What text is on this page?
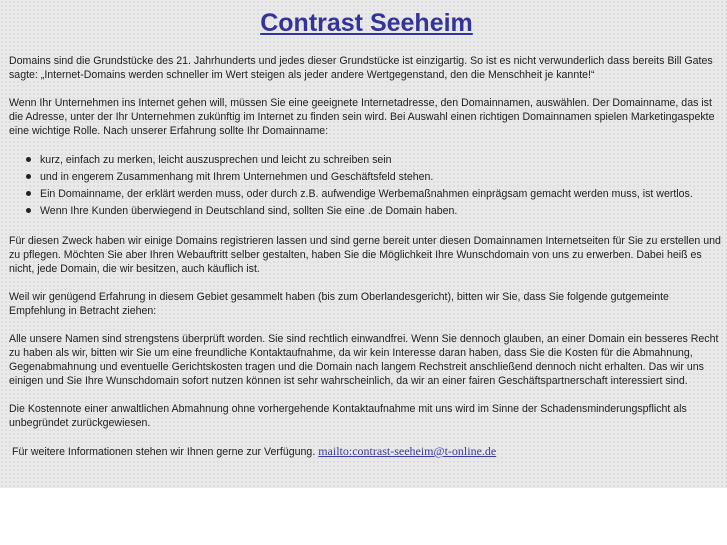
Contrast Seeheim

Domains sind die Grundstücke des 21. Jahrhunderts und jedes dieser Grundstücke ist einzigartig. So ist es nicht verwunderlich dass bereits Bill Gates sagte: „Internet-Domains werden schneller im Wert steigen als jeder andere Wertgegenstand, den die Menschheit je kannte!“

Wenn Ihr Unternehmen ins Internet gehen will, müssen Sie eine geeignete Internetadresse, den Domainnamen, auswählen. Der Domainname, das ist die Adresse, unter der Ihr Unternehmen zukünftig im Internet zu finden sein wird. Bei Auswahl einen richtigen Domainnamen spielen Marketingaspekte eine wichtige Rolle. Nach unserer Erfahrung sollte Ihr Domainname:

kurz, einfach zu merken, leicht auszusprechen und leicht zu schreiben sein
und in engerem Zusammenhang mit Ihrem Unternehmen und Geschäftsfeld stehen.
Ein Domainname, der erklärt werden muss, oder durch z.B. aufwendige Werbemaßnahmen einprägsam gemacht werden muss, ist wertlos.
Wenn Ihre Kunden überwiegend in Deutschland sind, sollten Sie eine .de Domain haben.

Für diesen Zweck haben wir einige Domains registrieren lassen und sind gerne bereit unter diesen Domainnamen Internetseiten für Sie zu erstellen und zu pflegen. Möchten Sie aber Ihren Webauftritt selber gestalten, haben Sie die Möglichkeit Ihre Wunschdomain von uns zu erwerben. Dabei heiß es nicht, jede Domain, die wir besitzen, auch käuflich ist.

Weil wir genügend Erfahrung in diesem Gebiet gesammelt haben (bis zum Oberlandesgericht), bitten wir Sie, dass Sie folgende gutgemeinte Empfehlung in Betracht ziehen:

Alle unsere Namen sind strengstens überprüft worden. Sie sind rechtlich einwandfrei. Wenn Sie dennoch glauben, an einer Domain ein besseres Recht zu haben als wir, bitten wir Sie um eine freundliche Kontaktaufnahme, da wir kein Interesse daran haben, dass Sie die Kosten für die Abmahnung, Gegenabmahnung und eventuelle Gerichtskosten tragen und die Domain nach langem Rechstreit anschließend dennoch nicht erhalten. Das wir uns einigen und Sie Ihre Wunschdomain sofort nutzen können ist sehr wahrscheinlich, da wir an einer fairen Geschäftspartnerschaft interessiert sind.

Die Kostennote einer anwaltlichen Abmahnung ohne vorhergehende Kontaktaufnahme mit uns wird im Sinne der Schadensminderungspflicht als unbegründet zurückgewiesen.

Für weitere Informationen stehen wir Ihnen gerne zur Verfügung. mailto:contrast-seeheim@t-online.de
